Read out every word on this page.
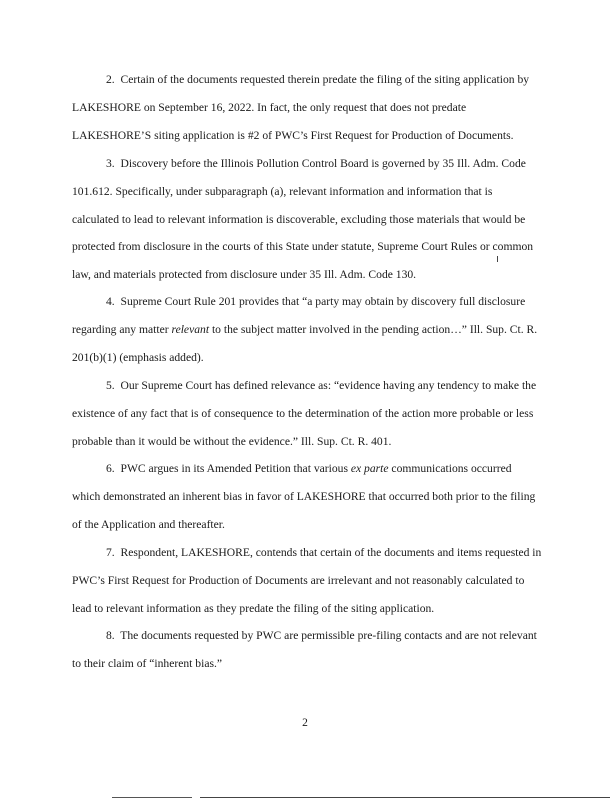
2. Certain of the documents requested therein predate the filing of the siting application by LAKESHORE on September 16, 2022. In fact, the only request that does not predate LAKESHORE’S siting application is #2 of PWC’s First Request for Production of Documents.

3. Discovery before the Illinois Pollution Control Board is governed by 35 Ill. Adm. Code 101.612. Specifically, under subparagraph (a), relevant information and information that is calculated to lead to relevant information is discoverable, excluding those materials that would be protected from disclosure in the courts of this State under statute, Supreme Court Rules or common law, and materials protected from disclosure under 35 Ill. Adm. Code 130.

4. Supreme Court Rule 201 provides that “a party may obtain by discovery full disclosure regarding any matter relevant to the subject matter involved in the pending action…” Ill. Sup. Ct. R. 201(b)(1) (emphasis added).

5. Our Supreme Court has defined relevance as: “evidence having any tendency to make the existence of any fact that is of consequence to the determination of the action more probable or less probable than it would be without the evidence.” Ill. Sup. Ct. R. 401.

6. PWC argues in its Amended Petition that various ex parte communications occurred which demonstrated an inherent bias in favor of LAKESHORE that occurred both prior to the filing of the Application and thereafter.

7. Respondent, LAKESHORE, contends that certain of the documents and items requested in PWC’s First Request for Production of Documents are irrelevant and not reasonably calculated to lead to relevant information as they predate the filing of the siting application.

8. The documents requested by PWC are permissible pre-filing contacts and are not relevant to their claim of “inherent bias.”

2
